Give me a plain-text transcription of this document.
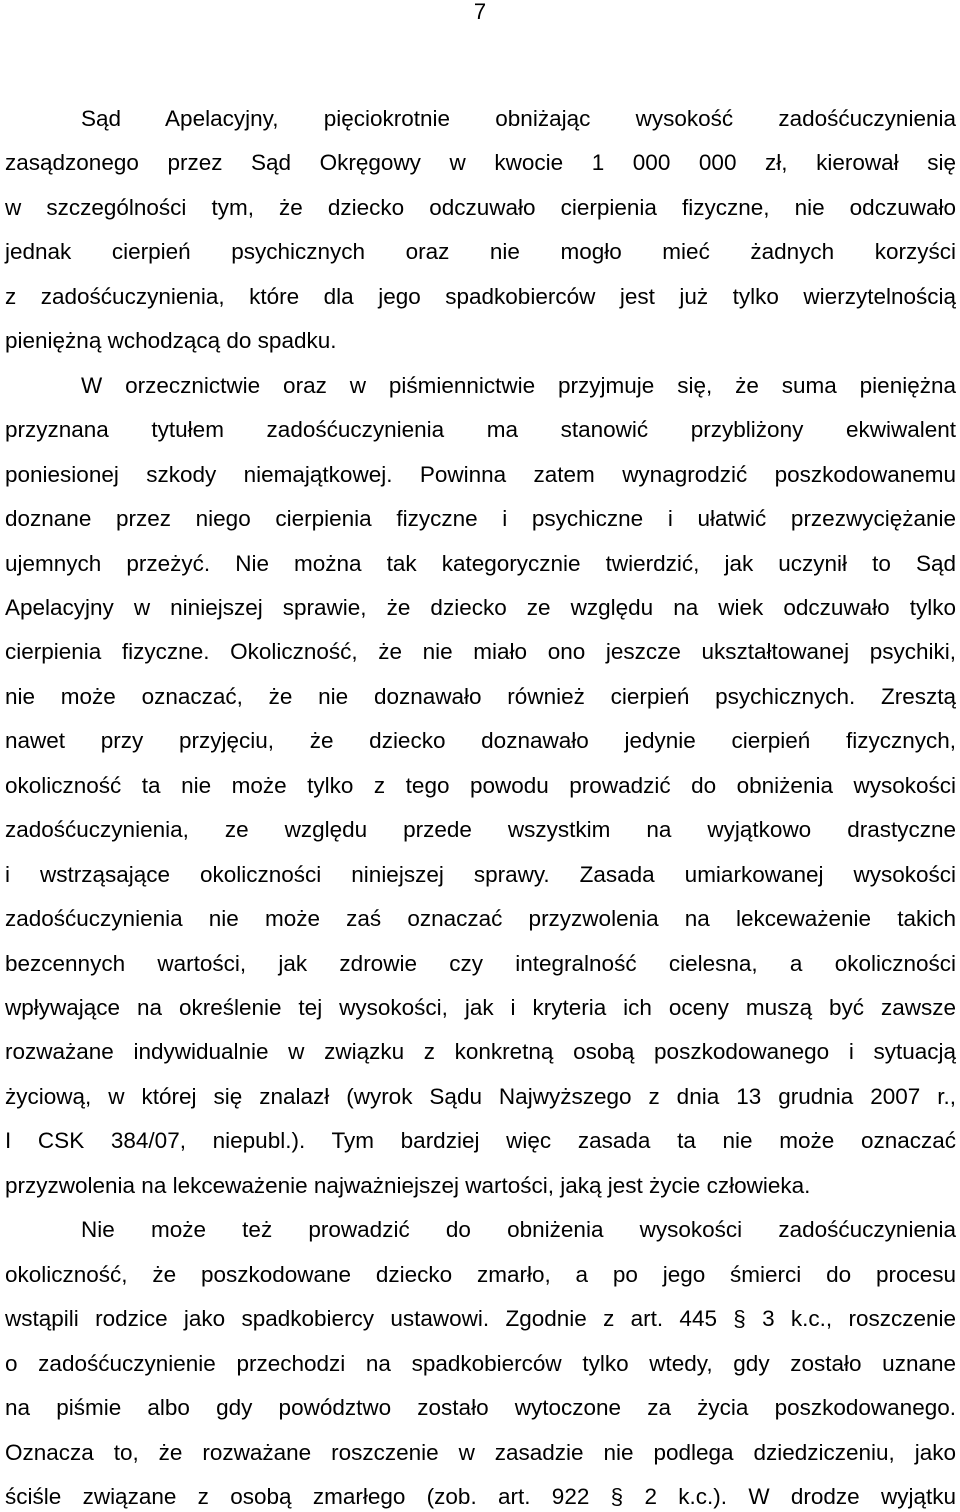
7
Sąd Apelacyjny, pięciokrotnie obniżając wysokość zadośćuczynienia
zasądzonego przez Sąd Okręgowy w kwocie 1 000 000 zł, kierował się
w szczególności tym, że dziecko odczuwało cierpienia fizyczne, nie odczuwało
jednak cierpień psychicznych oraz nie mogło mieć żadnych korzyści
z zadośćuczynienia, które dla jego spadkobierców jest już tylko wierzytelnością
pieniężną wchodzącą do spadku.
W orzecznictwie oraz w piśmiennictwie przyjmuje się, że suma pieniężna
przyznana tytułem zadośćuczynienia ma stanowić przybliżony ekwiwalent
poniesionej szkody niemajątkowej. Powinna zatem wynagrodzić poszkodowanemu
doznane przez niego cierpienia fizyczne i psychiczne i ułatwić przezwyciężanie
ujemnych przeżyć. Nie można tak kategorycznie twierdzić, jak uczynił to Sąd
Apelacyjny w niniejszej sprawie, że dziecko ze względu na wiek odczuwało tylko
cierpienia fizyczne. Okoliczność, że nie miało ono jeszcze ukształtowanej psychiki,
nie może oznaczać, że nie doznawało również cierpień psychicznych. Zresztą
nawet przy przyjęciu, że dziecko doznawało jedynie cierpień fizycznych,
okoliczność ta nie może tylko z tego powodu prowadzić do obniżenia wysokości
zadośćuczynienia, ze względu przede wszystkim na wyjątkowo drastyczne
i wstrząsające okoliczności niniejszej sprawy. Zasada umiarkowanej wysokości
zadośćuczynienia nie może zaś oznaczać przyzwolenia na lekceważenie takich
bezcennych wartości, jak zdrowie czy integralność cielesna, a okoliczności
wpływające na określenie tej wysokości, jak i kryteria ich oceny muszą być zawsze
rozważane indywidualnie w związku z konkretną osobą poszkodowanego i sytuacją
życiową, w której się znalazł (wyrok Sądu Najwyższego z dnia 13 grudnia 2007 r.,
I CSK 384/07, niepubl.). Tym bardziej więc zasada ta nie może oznaczać
przyzwolenia na lekceważenie najważniejszej wartości, jaką jest życie człowieka.
Nie może też prowadzić do obniżenia wysokości zadośćuczynienia
okoliczność, że poszkodowane dziecko zmarło, a po jego śmierci do procesu
wstąpili rodzice jako spadkobiercy ustawowi. Zgodnie z art. 445 § 3 k.c., roszczenie
o zadośćuczynienie przechodzi na spadkobierców tylko wtedy, gdy zostało uznane
na piśmie albo gdy powództwo zostało wytoczone za życia poszkodowanego.
Oznacza to, że rozważane roszczenie w zasadzie nie podlega dziedziczeniu, jako
ściśle związane z osobą zmarłego (zob. art. 922 § 2 k.c.). W drodze wyjątku
